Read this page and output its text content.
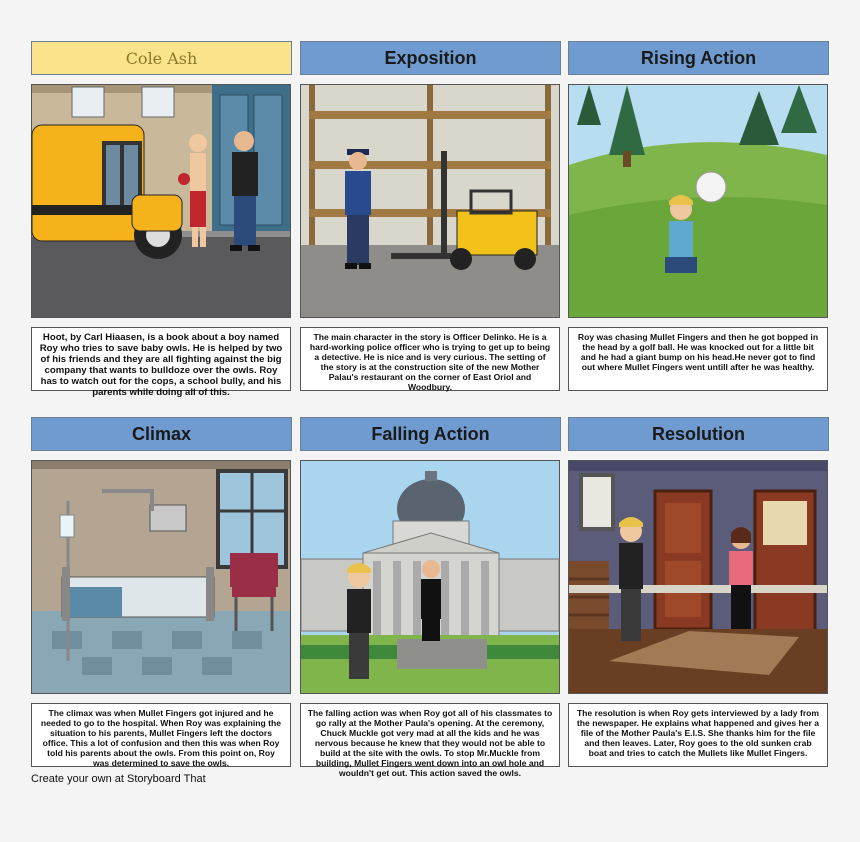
Cole Ash
Hoot, by Carl Hiaasen, is a book about a boy named Roy who tries to save baby owls. He is helped by two of his friends and they are all fighting against the big company that wants to bulldoze over the owls. Roy has to watch out for the cops, a school bully, and his parents while doing all of this.
Exposition
The main character in the story is Officer Delinko. He is a hard-working police officer who is trying to get up to being a detective. He is nice and is very curious. The setting of the story is at the construction site of the new Mother Palau's restaurant on the corner of East Oriol and Woodbury.
Rising Action
Roy was chasing Mullet Fingers and then he got bopped in the head by a golf ball. He was knocked out for a little bit and he had a giant bump on his head.He never got to find out where Mullet Fingers went untill after he was healthy.
Climax
The climax was when Mullet Fingers got injured and he needed to go to the hospital. When Roy was explaining the situation to his parents, Mullet Fingers left the doctors office. This a lot of confusion and then this was when Roy told his parents about the owls. From this point on, Roy was determined to save the owls.
Falling Action
The falling action was when Roy got all of his classmates to go rally at the Mother Paula's opening. At the ceremony, Chuck Muckle got very mad at all the kids and he was nervous because he knew that they would not be able to build at the site with the owls. To stop Mr.Muckle from building, Mullet Fingers went down into an owl hole and wouldn't get out. This action saved the owls.
Resolution
The resolution is when Roy gets interviewed by a lady from the newspaper. He explains what happened and gives her a file of the Mother Paula's E.I.S. She thanks him for the file and then leaves. Later, Roy goes to the old sunken crab boat and tries to catch the Mullets like Mullet Fingers.
Create your own at Storyboard That
